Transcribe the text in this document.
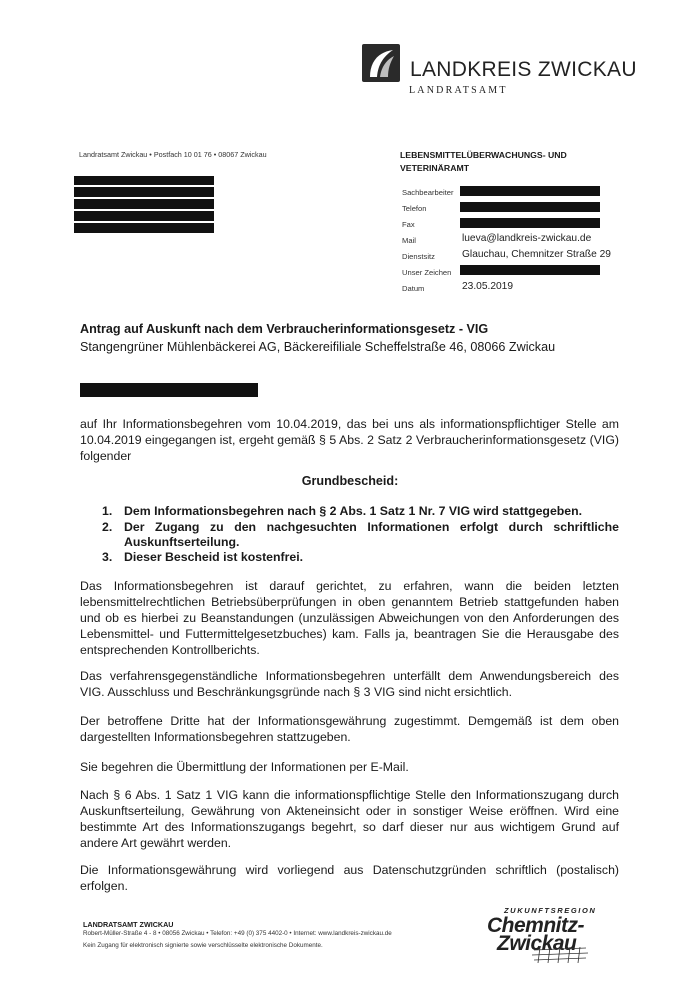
LANDKREIS ZWICKAU
LANDRATSAMT
Landratsamt Zwickau • Postfach 10 01 76 • 08067 Zwickau	LEBENSMITTELÜBERWACHUNGS- UND
VETERINÄRAMT
Sachbearbeiter
Telefon
Fax
Mail	lueva@landkreis-zwickau.de
Dienstsitz	Glauchau, Chemnitzer Straße 29
Unser Zeichen
Datum	23.05.2019
Antrag auf Auskunft nach dem Verbraucherinformationsgesetz - VIG
Stangengrüner Mühlenbäckerei AG, Bäckereifiliale Scheffelstraße 46, 08066 Zwickau
auf Ihr Informationsbegehren vom 10.04.2019, das bei uns als informationspflichtiger Stelle am 10.04.2019 eingegangen ist, ergeht gemäß § 5 Abs. 2 Satz 2 Verbraucherinformationsgesetz (VIG) folgender
Grundbescheid:
1. Dem Informationsbegehren nach § 2 Abs. 1 Satz 1 Nr. 7 VIG wird stattgegeben.
2. Der Zugang zu den nachgesuchten Informationen erfolgt durch schriftliche Auskunftserteilung.
3. Dieser Bescheid ist kostenfrei.
Das Informationsbegehren ist darauf gerichtet, zu erfahren, wann die beiden letzten lebensmittelrechtlichen Betriebsüberprüfungen in oben genanntem Betrieb stattgefunden haben und ob es hierbei zu Beanstandungen (unzulässigen Abweichungen von den Anforderungen des Lebensmittel- und Futtermittelgesetzbuches) kam. Falls ja, beantragen Sie die Herausgabe des entsprechenden Kontrollberichts.
Das verfahrensgegenständliche Informationsbegehren unterfällt dem Anwendungsbereich des VIG. Ausschluss und Beschränkungsgründe nach § 3 VIG sind nicht ersichtlich.
Der betroffene Dritte hat der Informationsgewährung zugestimmt. Demgemäß ist dem oben dargestellten Informationsbegehren stattzugeben.
Sie begehren die Übermittlung der Informationen per E-Mail.
Nach § 6 Abs. 1 Satz 1 VIG kann die informationspflichtige Stelle den Informationszugang durch Auskunftserteilung, Gewährung von Akteneinsicht oder in sonstiger Weise eröffnen. Wird eine bestimmte Art des Informationszugangs begehrt, so darf dieser nur aus wichtigem Grund auf andere Art gewährt werden.
Die Informationsgewährung wird vorliegend aus Datenschutzgründen schriftlich (postalisch) erfolgen.
LANDRATSAMT ZWICKAU
Robert-Müller-Straße 4 - 8 • 08056 Zwickau • Telefon: +49 (0) 375 4402-0 • Internet: www.landkreis-zwickau.de
Kein Zugang für elektronisch signierte sowie verschlüsselte elektronische Dokumente.
ZUKUNFTSREGION
Chemnitz-
Zwickau
